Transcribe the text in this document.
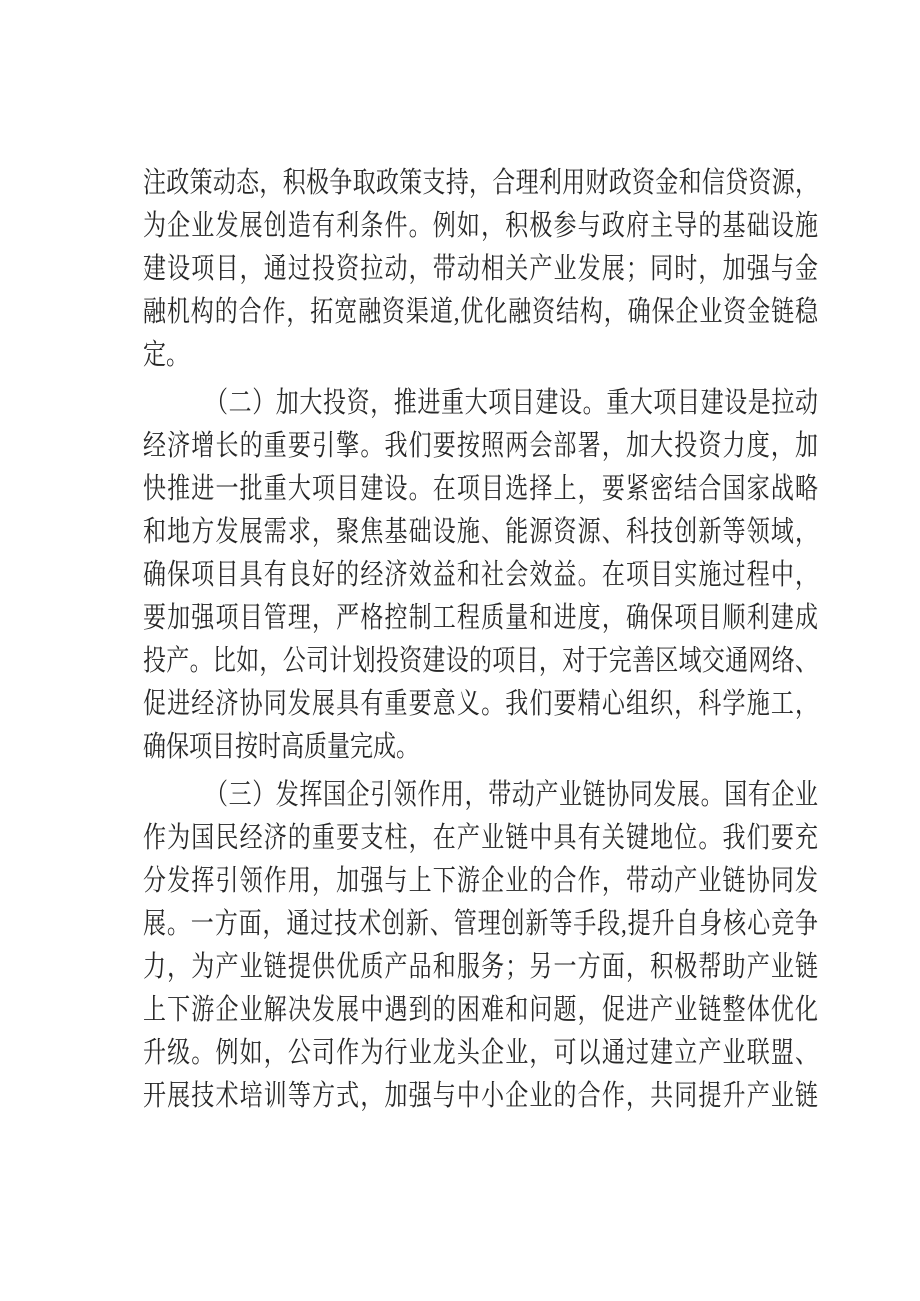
注政策动态，积极争取政策支持，合理利用财政资金和信贷资源，
为企业发展创造有利条件。例如，积极参与政府主导的基础设施
建设项目，通过投资拉动，带动相关产业发展；同时，加强与金
融机构的合作，拓宽融资渠道,优化融资结构，确保企业资金链稳
定。
（二）加大投资，推进重大项目建设。重大项目建设是拉动
经济增长的重要引擎。我们要按照两会部署，加大投资力度，加
快推进一批重大项目建设。在项目选择上，要紧密结合国家战略
和地方发展需求，聚焦基础设施、能源资源、科技创新等领域，
确保项目具有良好的经济效益和社会效益。在项目实施过程中，
要加强项目管理，严格控制工程质量和进度，确保项目顺利建成
投产。比如，公司计划投资建设的项目，对于完善区域交通网络、
促进经济协同发展具有重要意义。我们要精心组织，科学施工，
确保项目按时高质量完成。
（三）发挥国企引领作用，带动产业链协同发展。国有企业
作为国民经济的重要支柱，在产业链中具有关键地位。我们要充
分发挥引领作用，加强与上下游企业的合作，带动产业链协同发
展。一方面，通过技术创新、管理创新等手段,提升自身核心竞争
力，为产业链提供优质产品和服务；另一方面，积极帮助产业链
上下游企业解决发展中遇到的困难和问题，促进产业链整体优化
升级。例如，公司作为行业龙头企业，可以通过建立产业联盟、
开展技术培训等方式，加强与中小企业的合作，共同提升产业链
